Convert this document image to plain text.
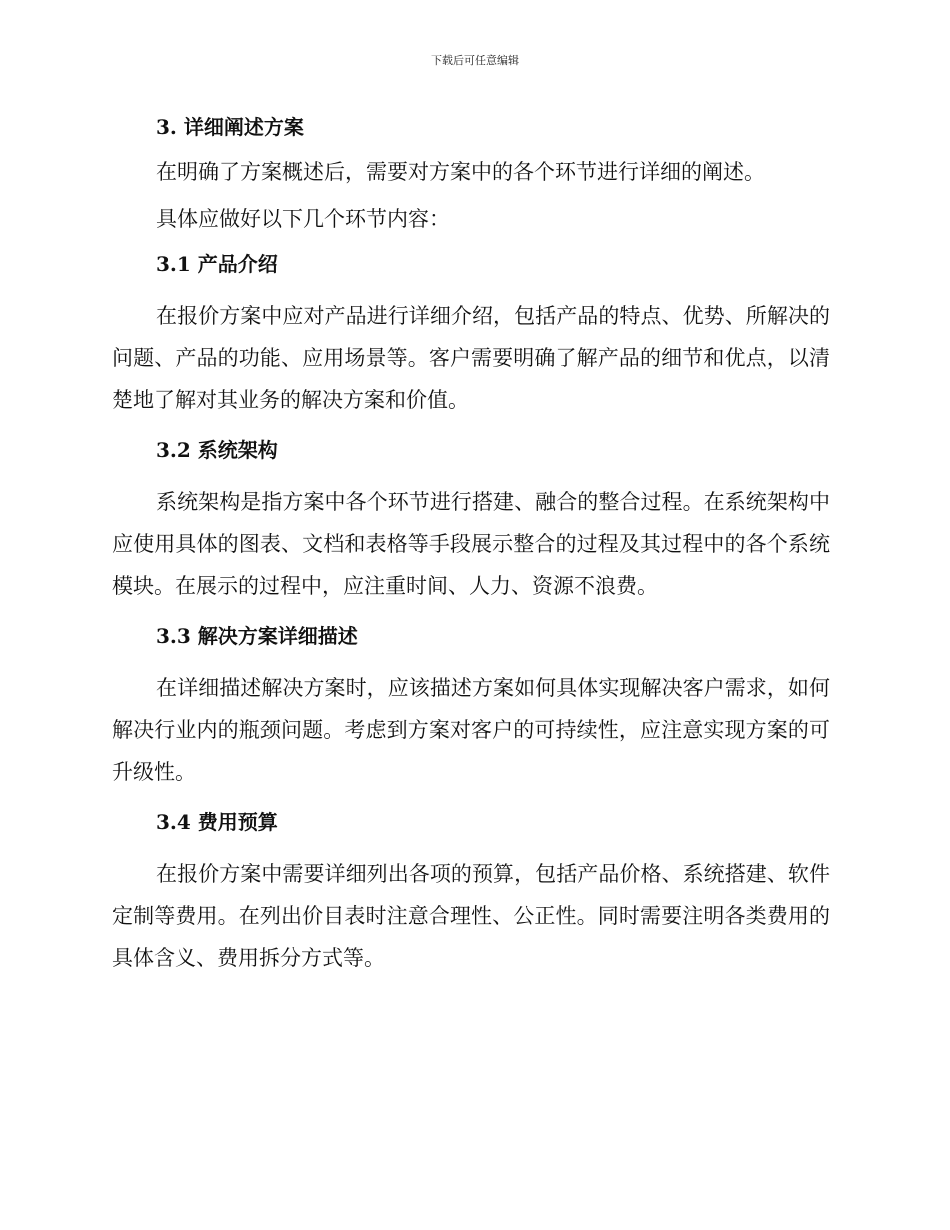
下载后可任意编辑
3. 详细阐述方案

在明确了方案概述后，需要对方案中的各个环节进行详细的阐述。

具体应做好以下几个环节内容：

3.1 产品介绍

在报价方案中应对产品进行详细介绍，包括产品的特点、优势、所解决的问题、产品的功能、应用场景等。客户需要明确了解产品的细节和优点，以清楚地了解对其业务的解决方案和价值。

3.2 系统架构

系统架构是指方案中各个环节进行搭建、融合的整合过程。在系统架构中应使用具体的图表、文档和表格等手段展示整合的过程及其过程中的各个系统模块。在展示的过程中，应注重时间、人力、资源不浪费。

3.3 解决方案详细描述

在详细描述解决方案时，应该描述方案如何具体实现解决客户需求，如何解决行业内的瓶颈问题。考虑到方案对客户的可持续性，应注意实现方案的可升级性。

3.4 费用预算

在报价方案中需要详细列出各项的预算，包括产品价格、系统搭建、软件定制等费用。在列出价目表时注意合理性、公正性。同时需要注明各类费用的具体含义、费用拆分方式等。
